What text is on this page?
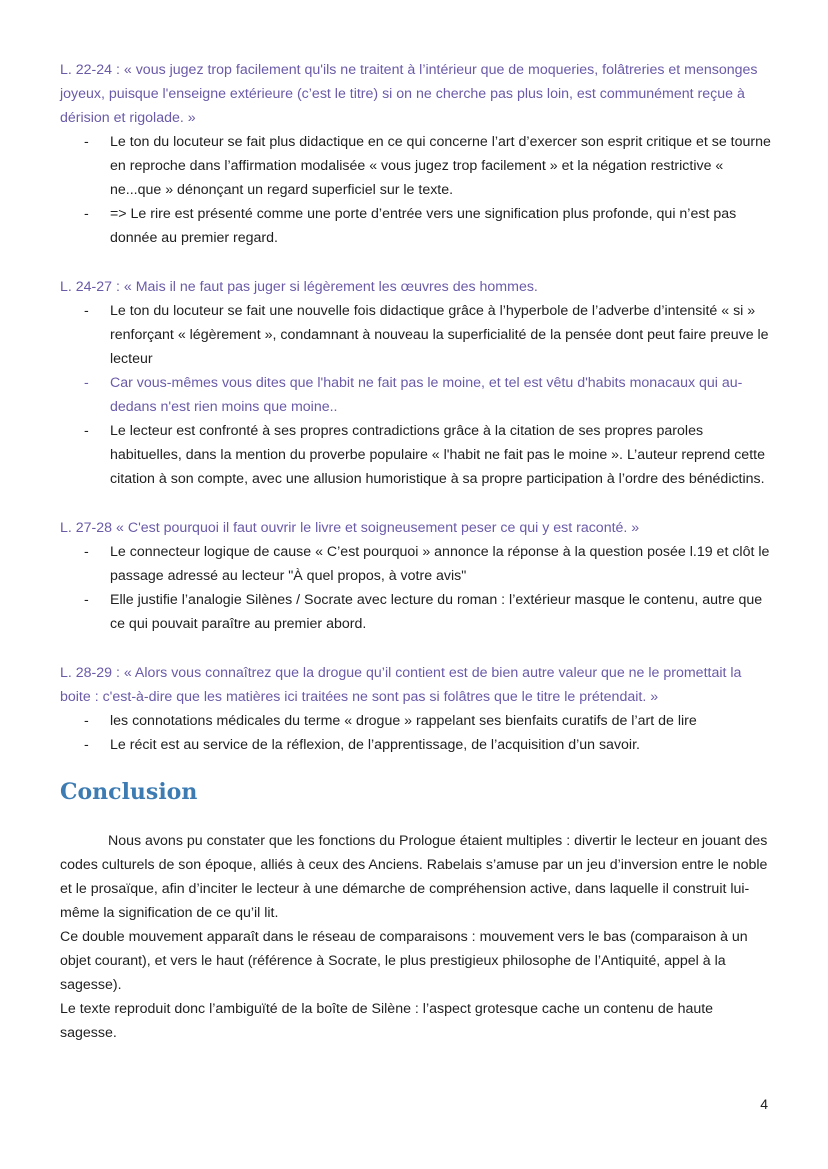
L. 22-24 : « vous jugez trop facilement qu'ils ne traitent à l’intérieur que de moqueries, folâtreries et mensonges joyeux, puisque l'enseigne extérieure (c’est le titre) si on ne cherche pas plus loin, est communément reçue à dérision et rigolade. »

- Le ton du locuteur se fait plus didactique en ce qui concerne l’art d’exercer son esprit critique et se tourne en reproche dans l’affirmation modalisée « vous jugez trop facilement » et la négation restrictive « ne...que » dénonçant un regard superficiel sur le texte.
- => Le rire est présenté comme une porte d’entrée vers une signification plus profonde, qui n’est pas donnée au premier regard.

L. 24-27 : « Mais il ne faut pas juger si légèrement les œuvres des hommes.

- Le ton du locuteur se fait une nouvelle fois didactique grâce à l’hyperbole de l’adverbe d’intensité « si » renforçant « légèrement », condamnant à nouveau la superficialité de la pensée dont peut faire preuve le lecteur
- Car vous-mêmes vous dites que l'habit ne fait pas le moine, et tel est vêtu d'habits monacaux qui au-dedans n'est rien moins que moine..
- Le lecteur est confronté à ses propres contradictions grâce à la citation de ses propres paroles habituelles, dans la mention du proverbe populaire « l'habit ne fait pas le moine ». L’auteur reprend cette citation à son compte, avec une allusion humoristique à sa propre participation à l’ordre des bénédictins.

L. 27-28 « C'est pourquoi il faut ouvrir le livre et soigneusement peser ce qui y est raconté. »

- Le connecteur logique de cause « C’est pourquoi » annonce la réponse à la question posée l.19 et clôt le passage adressé au lecteur "À quel propos, à votre avis"
- Elle justifie l’analogie Silènes / Socrate avec lecture du roman : l’extérieur masque le contenu, autre que ce qui pouvait paraître au premier abord.

L. 28-29 : « Alors vous connaîtrez que la drogue qu’il contient est de bien autre valeur que ne le promettait la boite : c'est-à-dire que les matières ici traitées ne sont pas si folâtres que le titre le prétendait. »

- les connotations médicales du terme « drogue » rappelant ses bienfaits curatifs de l’art de lire
- Le récit est au service de la réflexion, de l’apprentissage, de l’acquisition d’un savoir.
Conclusion

Nous avons pu constater que les fonctions du Prologue étaient multiples : divertir le lecteur en jouant des codes culturels de son époque, alliés à ceux des Anciens. Rabelais s’amuse par un jeu d’inversion entre le noble et le prosaïque, afin d’inciter le lecteur à une démarche de compréhension active, dans laquelle il construit lui-même la signification de ce qu’il lit.

Ce double mouvement apparaît dans le réseau de comparaisons : mouvement vers le bas (comparaison à un objet courant), et vers le haut (référence à Socrate, le plus prestigieux philosophe de l’Antiquité, appel à la sagesse).

Le texte reproduit donc l’ambiguïté de la boîte de Silène : l’aspect grotesque cache un contenu de haute sagesse.

4
